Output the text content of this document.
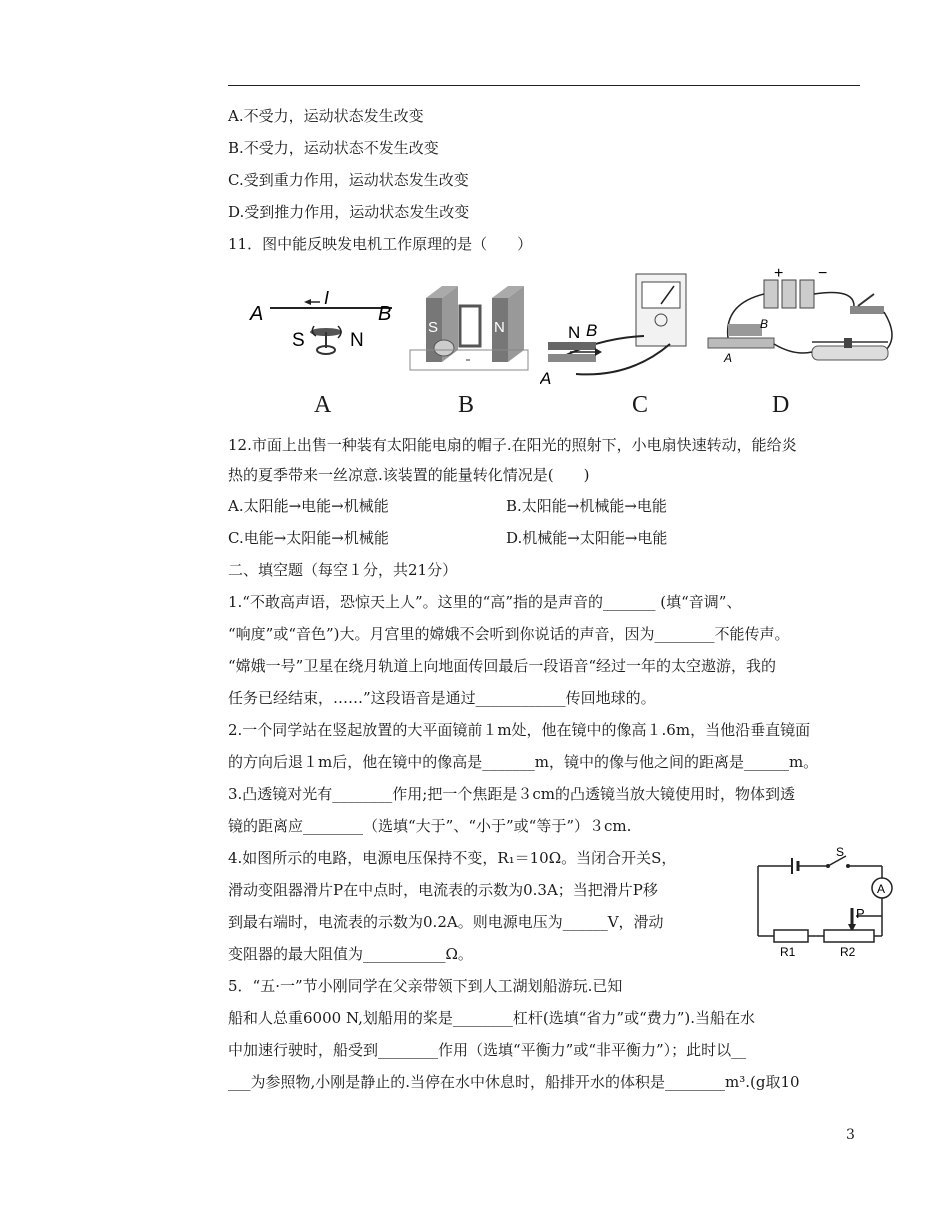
A.不受力，运动状态发生改变
B.不受力，运动状态不发生改变
C.受到重力作用，运动状态发生改变
D.受到推力作用，运动状态发生改变
11．图中能反映发电机工作原理的是（　　）
A	B
I
S N
A
S	N
B
N B
A
C
+ −
B
A
D
12.市面上出售一种装有太阳能电扇的帽子.在阳光的照射下，小电扇快速转动，能给炎
热的夏季带来一丝凉意.该装置的能量转化情况是(　　)
A.太阳能→电能→机械能	B.太阳能→机械能→电能
C.电能→太阳能→机械能	D.机械能→太阳能→电能
二、填空题（每空１分，共21分）
1.“不敢高声语，恐惊天上人”。这里的“高”指的是声音的_______ (填“音调”、
“响度”或“音色”)大。月宫里的嫦娥不会听到你说话的声音，因为________不能传声。
“嫦娥一号”卫星在绕月轨道上向地面传回最后一段语音“经过一年的太空遨游，我的
任务已经结束，……”这段语音是通过____________传回地球的。
2.一个同学站在竖起放置的大平面镜前１m处，他在镜中的像高１.6m，当他沿垂直镜面
的方向后退１m后，他在镜中的像高是_______m，镜中的像与他之间的距离是______m。
3.凸透镜对光有________作用;把一个焦距是３cm的凸透镜当放大镜使用时，物体到透
镜的距离应________（选填“大于”、“小于”或“等于”）３cm.
4.如图所示的电路，电源电压保持不变，R₁＝10Ω。当闭合开关S，
滑动变阻器滑片P在中点时，电流表的示数为0.3A；当把滑片P移
到最右端时，电流表的示数为0.2A。则电源电压为______V，滑动
变阻器的最大阻值为___________Ω。
S
A
P
R1	R2
5．“五·一”节小刚同学在父亲带领下到人工湖划船游玩.已知
船和人总重6000 N,划船用的桨是________杠杆(选填“省力”或“费力”).当船在水
中加速行驶时，船受到________作用（选填“平衡力”或“非平衡力”）；此时以__
___为参照物,小刚是静止的.当停在水中休息时，船排开水的体积是________m³.(g取10
3
